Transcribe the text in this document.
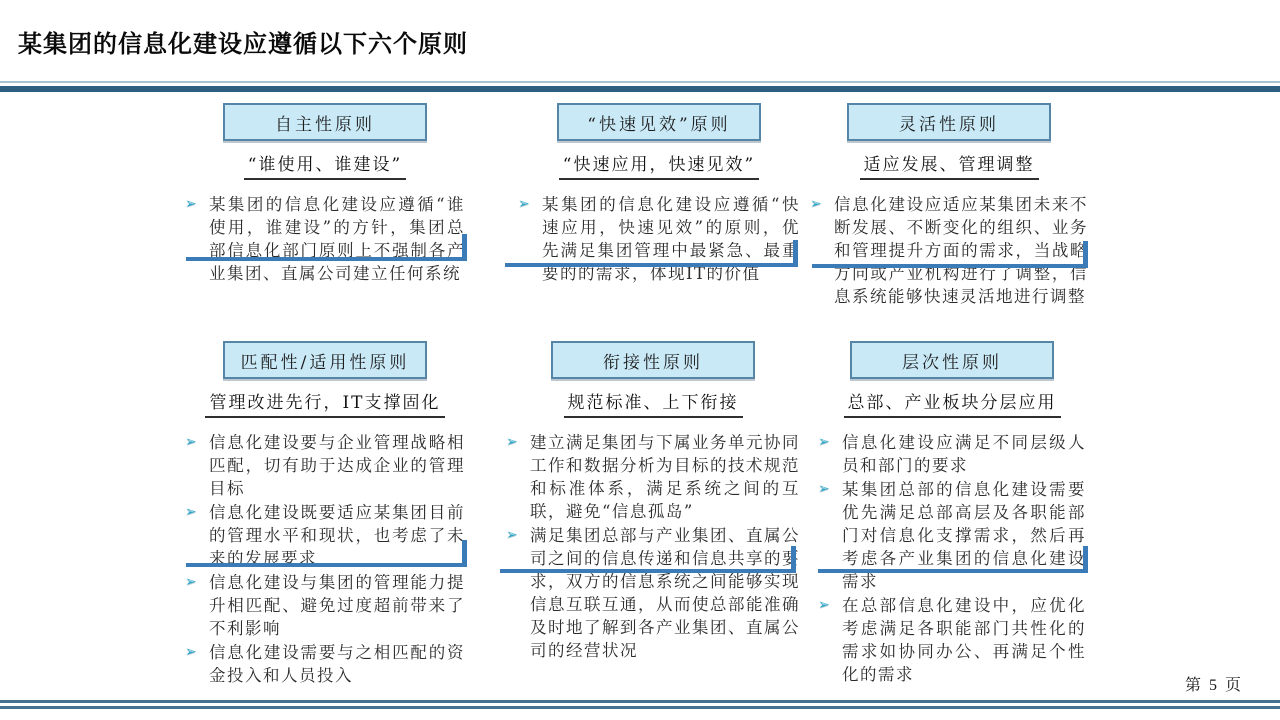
某集团的信息化建设应遵循以下六个原则
自主性原则
“谁使用、谁建设”
➢ 某集团的信息化建设应遵循“谁使用，谁建设”的方针，集团总部信息化部门原则上不强制各产业集团、直属公司建立任何系统
“快速见效”原则
“快速应用，快速见效”
➢ 某集团的信息化建设应遵循“快速应用，快速见效”的原则，优先满足集团管理中最紧急、最重要的的需求，体现IT的价值
灵活性原则
适应发展、管理调整
➢ 信息化建设应适应某集团未来不断发展、不断变化的组织、业务和管理提升方面的需求，当战略方向或产业机构进行了调整，信息系统能够快速灵活地进行调整
匹配性/适用性原则
管理改进先行，IT支撑固化
➢ 信息化建设要与企业管理战略相匹配，切有助于达成企业的管理目标
➢ 信息化建设既要适应某集团目前的管理水平和现状，也考虑了未来的发展要求
➢ 信息化建设与集团的管理能力提升相匹配、避免过度超前带来了不利影响
➢ 信息化建设需要与之相匹配的资金投入和人员投入
衔接性原则
规范标准、上下衔接
➢ 建立满足集团与下属业务单元协同工作和数据分析为目标的技术规范和标准体系，满足系统之间的互联，避免“信息孤岛”
➢ 满足集团总部与产业集团、直属公司之间的信息传递和信息共享的要求，双方的信息系统之间能够实现信息互联互通，从而使总部能准确及时地了解到各产业集团、直属公司的经营状况
层次性原则
总部、产业板块分层应用
➢ 信息化建设应满足不同层级人员和部门的要求
➢ 某集团总部的信息化建设需要优先满足总部高层及各职能部门对信息化支撑需求，然后再考虑各产业集团的信息化建设需求
➢ 在总部信息化建设中，应优化考虑满足各职能部门共性化的需求如协同办公、再满足个性化的需求
第 5 页
